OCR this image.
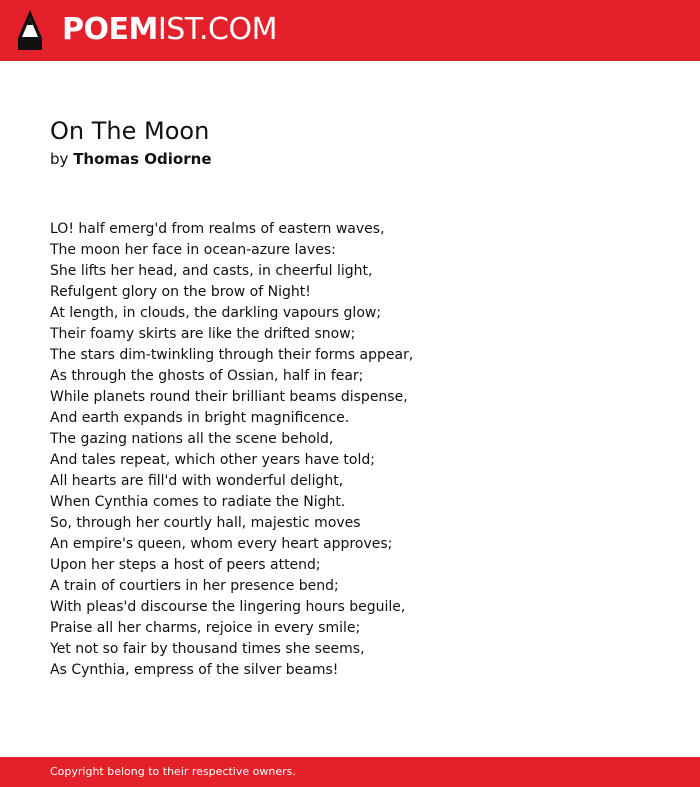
POEMIST.COM
On The Moon
by Thomas Odiorne
LO! half emerg'd from realms of eastern waves,
The moon her face in ocean-azure laves:
She lifts her head, and casts, in cheerful light,
Refulgent glory on the brow of Night!
At length, in clouds, the darkling vapours glow;
Their foamy skirts are like the drifted snow;
The stars dim-twinkling through their forms appear,
As through the ghosts of Ossian, half in fear;
While planets round their brilliant beams dispense,
And earth expands in bright magnificence.
The gazing nations all the scene behold,
And tales repeat, which other years have told;
All hearts are fill'd with wonderful delight,
When Cynthia comes to radiate the Night.
So, through her courtly hall, majestic moves
An empire's queen, whom every heart approves;
Upon her steps a host of peers attend;
A train of courtiers in her presence bend;
With pleas'd discourse the lingering hours beguile,
Praise all her charms, rejoice in every smile;
Yet not so fair by thousand times she seems,
As Cynthia, empress of the silver beams!
Copyright belong to their respective owners.
